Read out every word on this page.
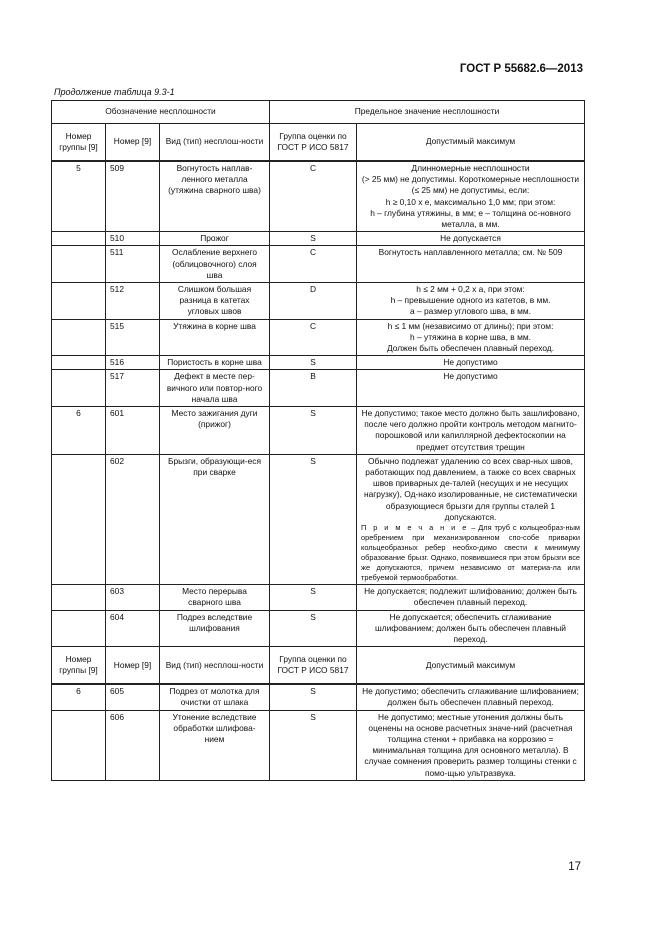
ГОСТ Р 55682.6—2013
Продолжение таблица 9.3-1
Обозначение несплошности			Предельное значение несплошности	
Номер группы [9]	Номер [9]	Вид (тип) несплош-ности	Группа оценки по ГОСТ Р ИСО 5817	Допустимый максимум
5	509	Вогнутость наплав-ленного металла (утяжина сварного шва)	C	Длинномерные несплошности
(> 25 мм) не допустимы. Короткомерные несплошности (≤ 25 мм) не допустимы, если:
h ≥ 0,10 x e, максимально 1,0 мм; при этом:
h – глубина утяжины, в мм; e – толщина ос-новного металла, в мм.

	510	Прожог	S	Не допускается

	511	Ослабление верхнего (облицовочного) слоя шва	C	Вогнутость наплавленного металла; см. № 509

	512	Слишком большая разница в катетах угловых швов	D	h ≤ 2 мм + 0,2 х a, при этом:
h – превышение одного из катетов, в мм.
a – размер углового шва, в мм.

	515	Утяжина в корне шва	C	h ≤ 1 мм (независимо от длины); при этом:
h – утяжина в корне шва, в мм.
Должен быть обеспечен плавный переход.

	516	Пористость в корне шва	S	Не допустимо

	517	Дефект в месте пер-вичного или повтор-ного начала шва	B	Не допустимо

6	601	Место зажигания дуги (прижог)	S	Не допустимо; такое место должно быть зашлифовано, после чего должно пройти контроль методом магнито-порошковой или капиллярной дефектоскопии на предмет отсутствия трещин

	602	Брызги, образующи-еся при сварке	S	Обычно подлежат удалению со всех свар-ных швов, работающих под давлением, а также со всех сварных швов приварных де-талей (несущих и не несущих нагрузку), Од-нако изолированные, не систематически образующиеся брызги для группы сталей 1 допускаются.
П р и м е ч а н и е – Для труб с кольцеобраз-ным оребрением при механизированном спо-собе приварки кольцеобразных ребер необхо-димо свести к минимуму образование брызг. Однако, появившиеся при этом брызги все же допускаются, причем независимо от материа-ла или требуемой термообработки.

	603	Место перерыва сварного шва	S	Не допускается; подлежит шлифованию; должен быть обеспечен плавный переход.

	604	Подрез вследствие шлифования	S	Не допускается; обеспечить сглаживание шлифованием; должен быть обеспечен плавный переход.

Номер группы [9]	Номер [9]	Вид (тип) несплош-ности	Группа оценки по ГОСТ Р ИСО 5817	Допустимый максимум
6	605	Подрез от молотка для очистки от шлака	S	Не допустимо; обеспечить сглаживание шлифованием; должен быть обеспечен плавный переход.

	606	Утонение вследствие обработки шлифова-нием	S	Не допустимо; местные утонения должны быть оценены на основе расчетных значе-ний (расчетная толщина стенки + прибавка на коррозию = минимальная толщина для основного металла). В случае сомнения проверить размер толщины стенки с помо-щью ультразвука.
17
